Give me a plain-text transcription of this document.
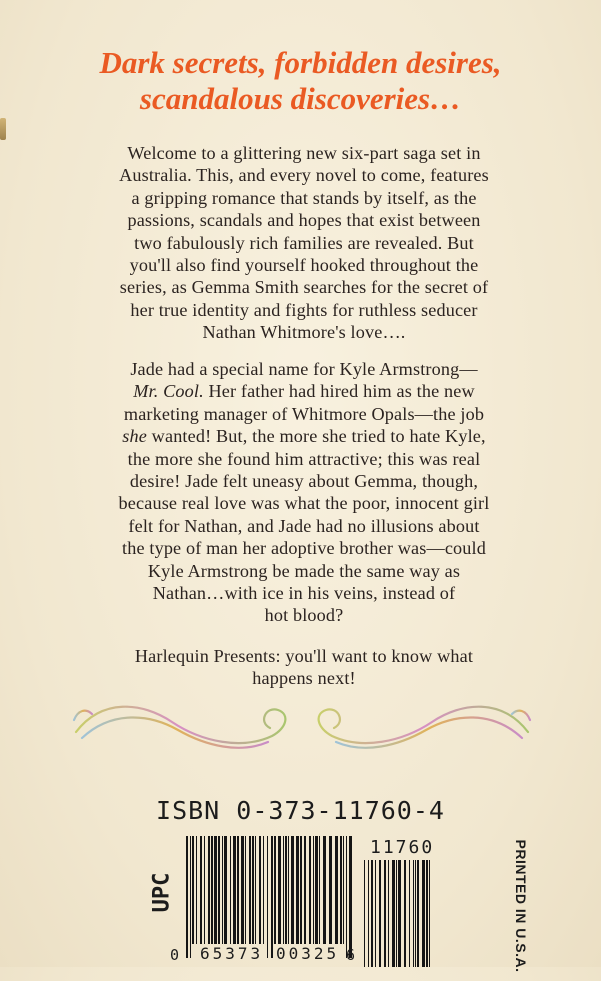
Dark secrets, forbidden desires,
scandalous discoveries…
Welcome to a glittering new six-part saga set in
Australia. This, and every novel to come, features
a gripping romance that stands by itself, as the
passions, scandals and hopes that exist between
two fabulously rich families are revealed. But
you'll also find yourself hooked throughout the
series, as Gemma Smith searches for the secret of
her true identity and fights for ruthless seducer
Nathan Whitmore's love….
Jade had a special name for Kyle Armstrong—
Mr. Cool. Her father had hired him as the new
marketing manager of Whitmore Opals—the job
she wanted! But, the more she tried to hate Kyle,
the more she found him attractive; this was real
desire! Jade felt uneasy about Gemma, though,
because real love was what the poor, innocent girl
felt for Nathan, and Jade had no illusions about
the type of man her adoptive brother was—could
Kyle Armstrong be made the same way as
Nathan…with ice in his veins, instead of
hot blood?
Harlequin Presents: you'll want to know what
happens next!
ISBN 0-373-11760-4
UPC
0 65373 00325 6
11760	PRINTED IN U.S.A.
